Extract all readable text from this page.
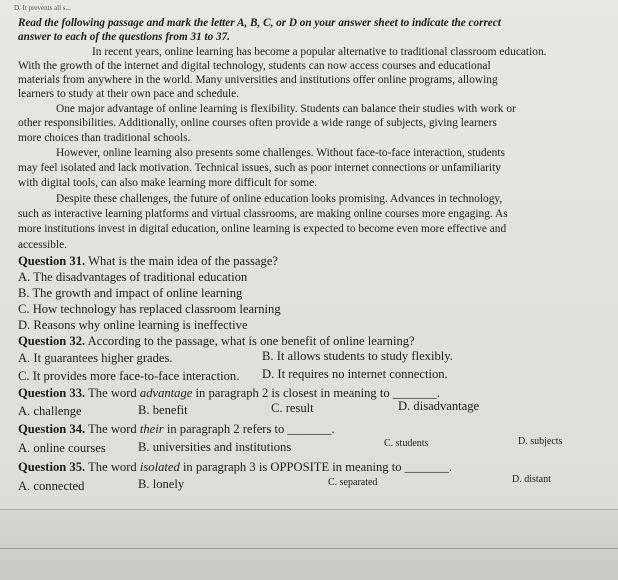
D. It prevents all s...
Read the following passage and mark the letter A, B, C, or D on your answer sheet to indicate the correct
answer to each of the questions from 31 to 37.
In recent years, online learning has become a popular alternative to traditional classroom education.
With the growth of the internet and digital technology, students can now access courses and educational
materials from anywhere in the world. Many universities and institutions offer online programs, allowing
learners to study at their own pace and schedule.
One major advantage of online learning is flexibility. Students can balance their studies with work or
other responsibilities. Additionally, online courses often provide a wide range of subjects, giving learners
more choices than traditional schools.
However, online learning also presents some challenges. Without face-to-face interaction, students
may feel isolated and lack motivation. Technical issues, such as poor internet connections or unfamiliarity
with digital tools, can also make learning more difficult for some.
Despite these challenges, the future of online education looks promising. Advances in technology,
such as interactive learning platforms and virtual classrooms, are making online courses more engaging. As
more institutions invest in digital education, online learning is expected to become even more effective and
accessible.
Question 31. What is the main idea of the passage?
A. The disadvantages of traditional education
B. The growth and impact of online learning
C. How technology has replaced classroom learning
D. Reasons why online learning is ineffective
Question 32. According to the passage, what is one benefit of online learning?
A. It guarantees higher grades.	B. It allows students to study flexibly.
C. It provides more face-to-face interaction. D. It requires no internet connection.
Question 33. The word advantage in paragraph 2 is closest in meaning to _______.
A. challenge	B. benefit	C. result	D. disadvantage
Question 34. The word their in paragraph 2 refers to _______.
A. online courses	B. universities and institutions	C. students	D. subjects
Question 35. The word isolated in paragraph 3 is OPPOSITE in meaning to _______.
A. connected	B. lonely	C. separated	D. distant
